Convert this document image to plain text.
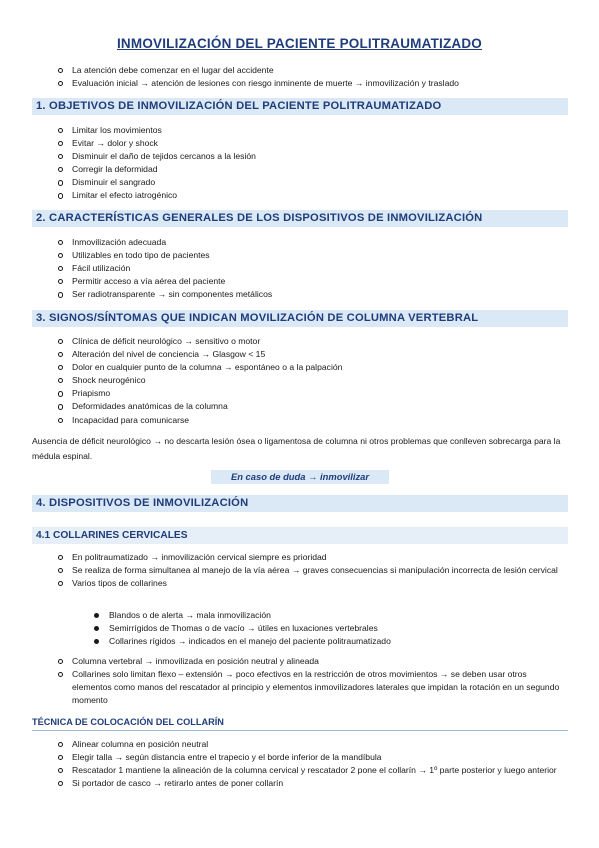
INMOVILIZACIÓN DEL PACIENTE POLITRAUMATIZADO
La atención debe comenzar en el lugar del accidente
Evaluación inicial → atención de lesiones con riesgo inminente de muerte → inmovilización y traslado
1. OBJETIVOS DE INMOVILIZACIÓN DEL PACIENTE POLITRAUMATIZADO
Limitar los movimientos
Evitar → dolor y shock
Disminuir el daño de tejidos cercanos a la lesión
Corregir la deformidad
Disminuir el sangrado
Limitar el efecto iatrogénico
2. CARACTERÍSTICAS GENERALES DE LOS DISPOSITIVOS DE INMOVILIZACIÓN
Inmovilización adecuada
Utilizables en todo tipo de pacientes
Fácil utilización
Permitir acceso a vía aérea del paciente
Ser radiotransparente → sin componentes metálicos
3. SIGNOS/SÍNTOMAS QUE INDICAN MOVILIZACIÓN DE COLUMNA VERTEBRAL
Clínica de déficit neurológico → sensitivo o motor
Alteración del nivel de conciencia → Glasgow < 15
Dolor en cualquier punto de la columna → espontáneo o a la palpación
Shock neurogénico
Priapismo
Deformidades anatómicas de la columna
Incapacidad para comunicarse

Ausencia de déficit neurológico → no descarta lesión ósea o ligamentosa de columna ni otros problemas que conlleven sobrecarga para la médula espinal.

En caso de duda → inmovilizar
4. DISPOSITIVOS DE INMOVILIZACIÓN
4.1 COLLARINES CERVICALES
En politraumatizado → inmovilización cervical siempre es prioridad
Se realiza de forma simultanea al manejo de la vía aérea → graves consecuencias si manipulación incorrecta de lesión cervical
Varios tipos de collarines
Blandos o de alerta → mala inmovilización
Semirrígidos de Thomas o de vacío → útiles en luxaciones vertebrales
Collarines rígidos → indicados en el manejo del paciente politraumatizado
Columna vertebral → inmovilizada en posición neutral y alineada
Collarines solo limitan flexo – extensión → poco efectivos en la restricción de otros movimientos → se deben usar otros elementos como manos del rescatador al principio y elementos inmovilizadores laterales que impidan la rotación en un segundo momento
TÉCNICA DE COLOCACIÓN DEL COLLARÍN
Alinear columna en posición neutral
Elegir talla → según distancia entre el trapecio y el borde inferior de la mandíbula
Rescatador 1 mantiene la alineación de la columna cervical y rescatador 2 pone el collarín → 1º parte posterior y luego anterior
Si portador de casco → retirarlo antes de poner collarín
